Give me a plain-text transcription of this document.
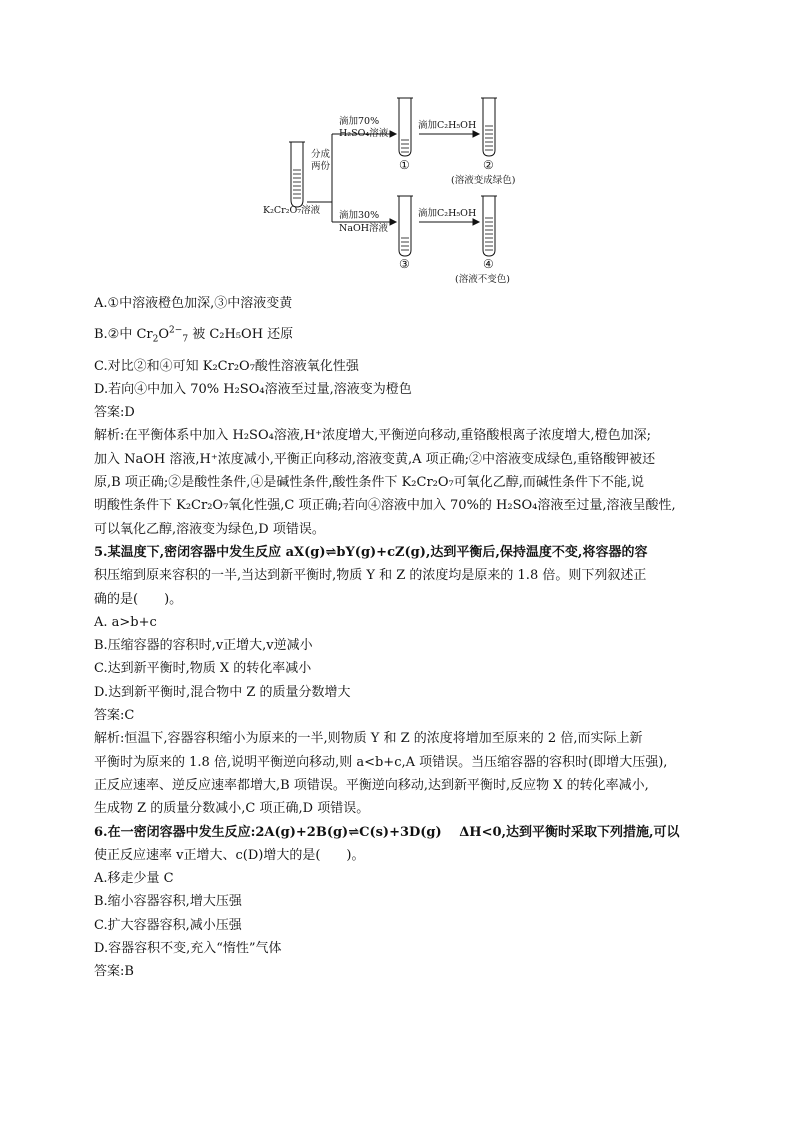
K₂Cr₂O₇溶液
分成
两份
滴加70%
H₂SO₄溶液
滴加30%
NaOH溶液
滴加C₂H₅OH
滴加C₂H₅OH
①	②
③	④
(溶液变成绿色)
(溶液不变色)
A.①中溶液橙色加深,③中溶液变黄
B.②中 $Cr_2O^{2-}_7$ 被 C₂H₅OH 还原
C.对比②和④可知 K₂Cr₂O₇酸性溶液氧化性强
D.若向④中加入 70% H₂SO₄溶液至过量,溶液变为橙色
答案:D
解析:在平衡体系中加入 H₂SO₄溶液,H⁺浓度增大,平衡逆向移动,重铬酸根离子浓度增大,橙色加深;
加入 NaOH 溶液,H⁺浓度减小,平衡正向移动,溶液变黄,A 项正确;②中溶液变成绿色,重铬酸钾被还
原,B 项正确;②是酸性条件,④是碱性条件,酸性条件下 K₂Cr₂O₇可氧化乙醇,而碱性条件下不能,说
明酸性条件下 K₂Cr₂O₇氧化性强,C 项正确;若向④溶液中加入 70%的 H₂SO₄溶液至过量,溶液呈酸性,
可以氧化乙醇,溶液变为绿色,D 项错误。
5.某温度下,密闭容器中发生反应 aX(g)⇌bY(g)+cZ(g),达到平衡后,保持温度不变,将容器的容
积压缩到原来容积的一半,当达到新平衡时,物质 Y 和 Z 的浓度均是原来的 1.8 倍。则下列叙述正
确的是(　　)。
A. a>b+c
B.压缩容器的容积时,v正增大,v逆减小
C.达到新平衡时,物质 X 的转化率减小
D.达到新平衡时,混合物中 Z 的质量分数增大
答案:C
解析:恒温下,容器容积缩小为原来的一半,则物质 Y 和 Z 的浓度将增加至原来的 2 倍,而实际上新
平衡时为原来的 1.8 倍,说明平衡逆向移动,则 a<b+c,A 项错误。当压缩容器的容积时(即增大压强),
正反应速率、逆反应速率都增大,B 项错误。平衡逆向移动,达到新平衡时,反应物 X 的转化率减小,
生成物 Z 的质量分数减小,C 项正确,D 项错误。
6.在一密闭容器中发生反应:2A(g)+2B(g)⇌C(s)+3D(g)　 ΔH<0,达到平衡时采取下列措施,可以
使正反应速率 v正增大、c(D)增大的是(　　)。
A.移走少量 C
B.缩小容器容积,增大压强
C.扩大容器容积,减小压强
D.容器容积不变,充入“惰性”气体
答案:B
